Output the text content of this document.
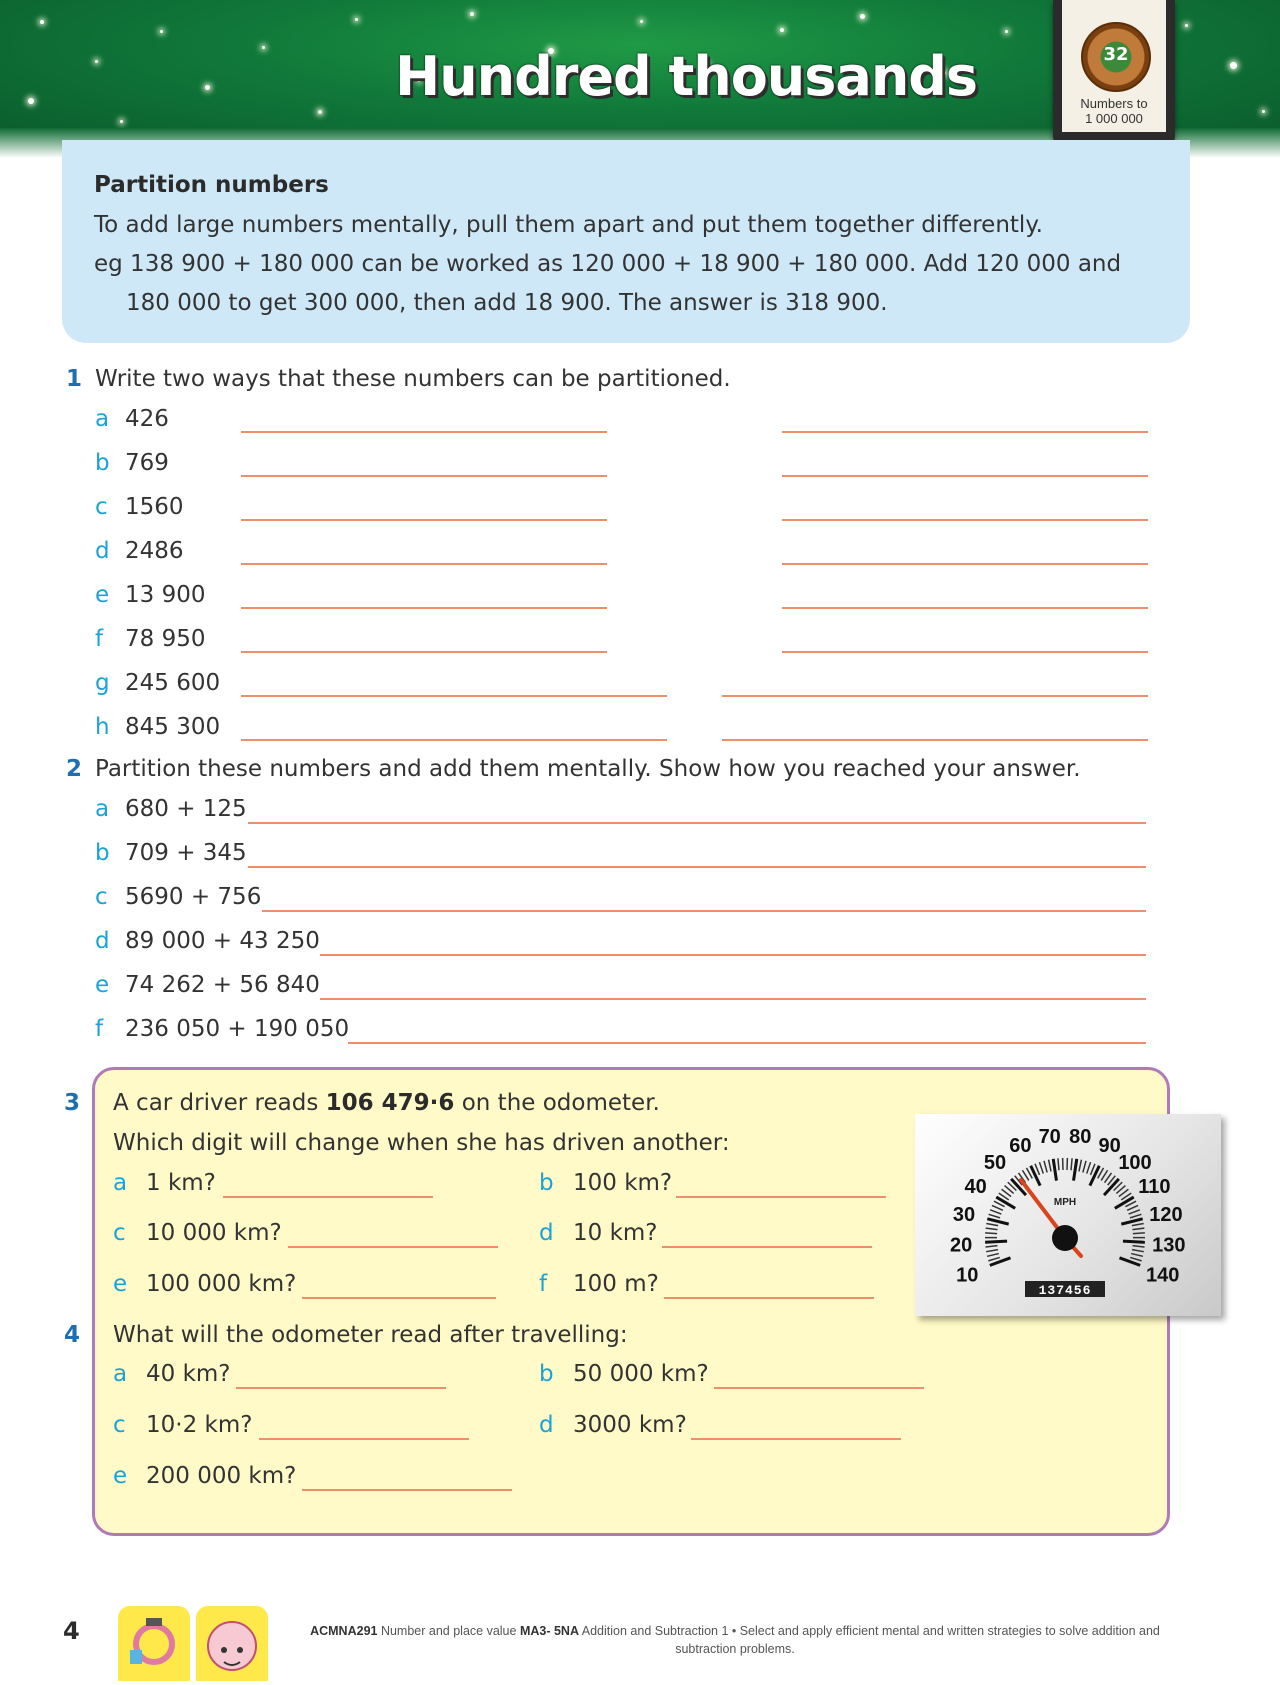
Hundred thousands	32
Numbers to
1 000 000
Partition numbers
To add large numbers mentally, pull them apart and put them together differently.
eg 138 900 + 180 000 can be worked as 120 000 + 18 900 + 180 000. Add 120 000 and
180 000 to get 300 000, then add 18 900. The answer is 318 900.
1 Write two ways that these numbers can be partitioned.
a 426
b 769
c 1560
d 2486
e 13 900
f 78 950
g 245 600
h 845 300
2 Partition these numbers and add them mentally. Show how you reached your answer.
a 680 + 125
b 709 + 345
c 5690 + 756
d 89 000 + 43 250
e 74 262 + 56 840
f 236 050 + 190 050
3 A car driver reads 106 479·6 on the odometer.
Which digit will change when she has driven another:
a 1 km?	b 100 km?
c 10 000 km?	d 10 km?
e 100 000 km?	f 100 m?
4 What will the odometer read after travelling:
a 40 km?	b 50 000 km?
c 10·2 km?	d 3000 km?
e 200 000 km?
10
20
30
40
50
60 70 80 90
100
110
120
130
140
MPH
137456
4	ACMNA291 Number and place value MA3- 5NA Addition and Subtraction 1 • Select and apply efficient mental and written strategies to solve addition and
subtraction problems.
